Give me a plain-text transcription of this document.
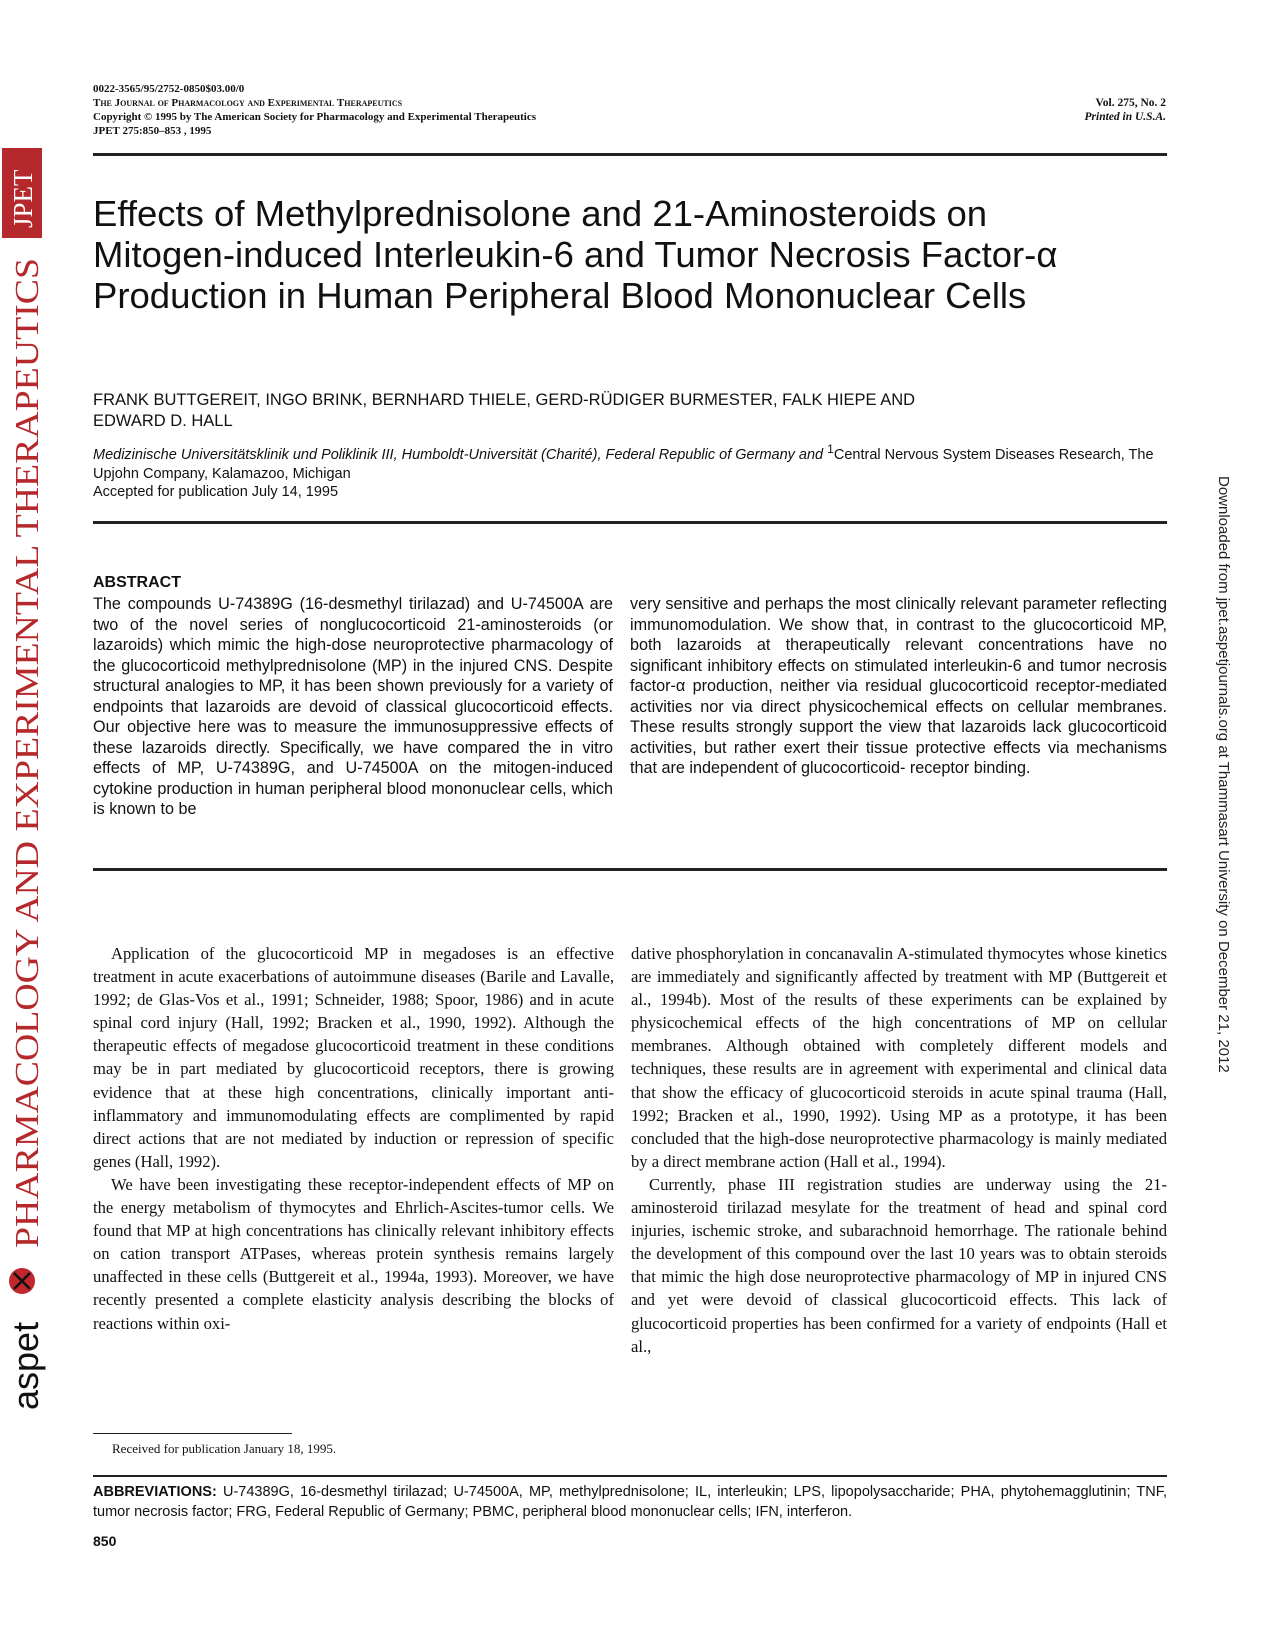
JPET
PHARMACOLOGY AND EXPERIMENTAL THERAPEUTICS
aspet
Downloaded from jpet.aspetjournals.org at Thammasart University on December 21, 2012
0022-3565/95/2752-0850$03.00/0
The Journal of Pharmacology and Experimental Therapeutics
Copyright © 1995 by The American Society for Pharmacology and Experimental Therapeutics
JPET 275:850–853 , 1995
Vol. 275, No. 2
Printed in U.S.A.
Effects of Methylprednisolone and 21-Aminosteroids on
Mitogen-induced Interleukin-6 and Tumor Necrosis Factor-α
Production in Human Peripheral Blood Mononuclear Cells
FRANK BUTTGEREIT, INGO BRINK, BERNHARD THIELE, GERD-RÜDIGER BURMESTER, FALK HIEPE AND
EDWARD D. HALL
Medizinische Universitätsklinik und Poliklinik III, Humboldt-Universität (Charité), Federal Republic of Germany and $^1$Central Nervous System Diseases Research, The Upjohn Company, Kalamazoo, Michigan
Accepted for publication July 14, 1995
ABSTRACT
The compounds U-74389G (16-desmethyl tirilazad) and U-74500A are two of the novel series of nonglucocorticoid 21-aminosteroids (or lazaroids) which mimic the high-dose neuroprotective pharmacology of the glucocorticoid methylprednisolone (MP) in the injured CNS. Despite structural analogies to MP, it has been shown previously for a variety of endpoints that lazaroids are devoid of classical glucocorticoid effects. Our objective here was to measure the immunosuppressive effects of these lazaroids directly. Specifically, we have compared the in vitro effects of MP, U-74389G, and U-74500A on the mitogen-induced cytokine production in human peripheral blood mononuclear cells, which is known to be
very sensitive and perhaps the most clinically relevant parameter reflecting immunomodulation. We show that, in contrast to the glucocorticoid MP, both lazaroids at therapeutically relevant concentrations have no significant inhibitory effects on stimulated interleukin-6 and tumor necrosis factor-α production, neither via residual glucocorticoid receptor-mediated activities nor via direct physicochemical effects on cellular membranes. These results strongly support the view that lazaroids lack glucocorticoid activities, but rather exert their tissue protective effects via mechanisms that are independent of glucocorticoid- receptor binding.

Application of the glucocorticoid MP in megadoses is an effective treatment in acute exacerbations of autoimmune diseases (Barile and Lavalle, 1992; de Glas-Vos et al., 1991; Schneider, 1988; Spoor, 1986) and in acute spinal cord injury (Hall, 1992; Bracken et al., 1990, 1992). Although the therapeutic effects of megadose glucocorticoid treatment in these conditions may be in part mediated by glucocorticoid receptors, there is growing evidence that at these high concentrations, clinically important anti-inflammatory and immunomodulating effects are complimented by rapid direct actions that are not mediated by induction or repression of specific genes (Hall, 1992).

We have been investigating these receptor-independent effects of MP on the energy metabolism of thymocytes and Ehrlich-Ascites-tumor cells. We found that MP at high concentrations has clinically relevant inhibitory effects on cation transport ATPases, whereas protein synthesis remains largely unaffected in these cells (Buttgereit et al., 1994a, 1993). Moreover, we have recently presented a complete elasticity analysis describing the blocks of reactions within oxi-

dative phosphorylation in concanavalin A-stimulated thymocytes whose kinetics are immediately and significantly affected by treatment with MP (Buttgereit et al., 1994b). Most of the results of these experiments can be explained by physicochemical effects of the high concentrations of MP on cellular membranes. Although obtained with completely different models and techniques, these results are in agreement with experimental and clinical data that show the efficacy of glucocorticoid steroids in acute spinal trauma (Hall, 1992; Bracken et al., 1990, 1992). Using MP as a prototype, it has been concluded that the high-dose neuroprotective pharmacology is mainly mediated by a direct membrane action (Hall et al., 1994).

Currently, phase III registration studies are underway using the 21- aminosteroid tirilazad mesylate for the treatment of head and spinal cord injuries, ischemic stroke, and subarachnoid hemorrhage. The rationale behind the development of this compound over the last 10 years was to obtain steroids that mimic the high dose neuroprotective pharmacology of MP in injured CNS and yet were devoid of classical glucocorticoid effects. This lack of glucocorticoid properties has been confirmed for a variety of endpoints (Hall et al.,

Received for publication January 18, 1995.
ABBREVIATIONS: U-74389G, 16-desmethyl tirilazad; U-74500A, MP, methylprednisolone; IL, interleukin; LPS, lipopolysaccharide; PHA, phytohemagglutinin; TNF, tumor necrosis factor; FRG, Federal Republic of Germany; PBMC, peripheral blood mononuclear cells; IFN, interferon.
850
